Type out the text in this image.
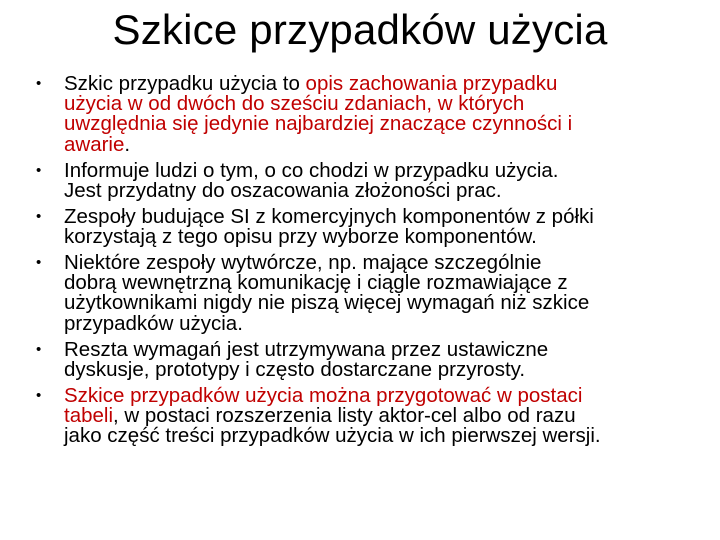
Szkice przypadków użycia
•	Szkic przypadku użycia to opis zachowania przypadku
użycia w od dwóch do sześciu zdaniach, w których
uwzględnia się jedynie najbardziej znaczące czynności i
awarie.
•	Informuje ludzi o tym, o co chodzi w przypadku użycia.
Jest przydatny do oszacowania złożoności prac.
•	Zespoły budujące SI z komercyjnych komponentów z półki
korzystają z tego opisu przy wyborze komponentów.
•	Niektóre zespoły wytwórcze, np. mające szczególnie
dobrą wewnętrzną komunikację i ciągle rozmawiające z
użytkownikami nigdy nie piszą więcej wymagań niż szkice
przypadków użycia.
•	Reszta wymagań jest utrzymywana przez ustawiczne
dyskusje, prototypy i często dostarczane przyrosty.
•	Szkice przypadków użycia można przygotować w postaci
tabeli, w postaci rozszerzenia listy aktor-cel albo od razu
jako część treści przypadków użycia w ich pierwszej wersji.
